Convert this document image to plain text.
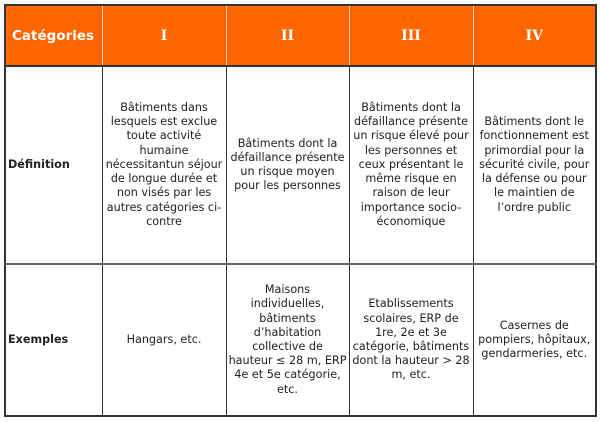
Catégories	I	II	III	IV
Définition	Bâtiments dans lesquels est exclue toute activité humaine nécessitantun séjour de longue durée et non visés par les autres catégories ci-contre	Bâtiments dont la défaillance présente un risque moyen pour les personnes	Bâtiments dont la défaillance présente un risque élevé pour les personnes et ceux présentant le même risque en raison de leur importance socio-économique	Bâtiments dont le fonctionnement est primordial pour la sécurité civile, pour la défense ou pour le maintien de l’ordre public

Exemples	Hangars, etc.	Maisons individuelles, bâtiments d’habitation collective de hauteur ≤ 28 m, ERP 4e et 5e catégorie, etc.	Etablissements scolaires, ERP de 1re, 2e et 3e catégorie, bâtiments dont la hauteur > 28 m, etc.	Casernes de pompiers, hôpitaux, gendarmeries, etc.
